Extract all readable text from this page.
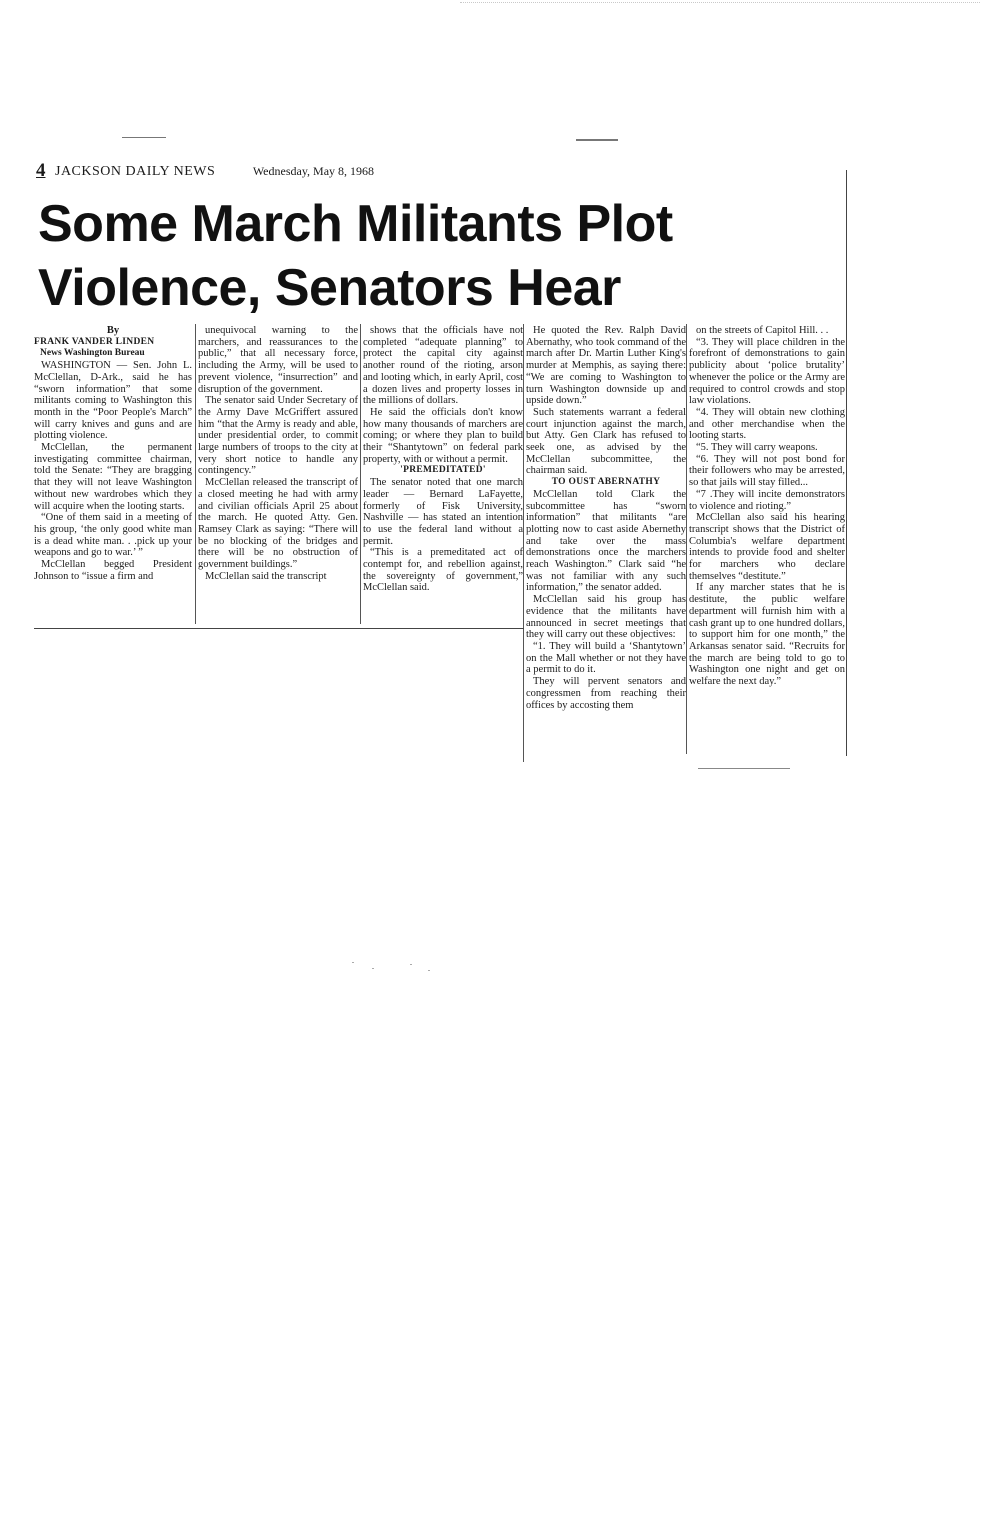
4 JACKSON DAILY NEWS	Wednesday, May 8, 1968
Some March Militants Plot
Violence, Senators Hear

By

FRANK VANDER LINDEN

News Washington Bureau

WASHINGTON — Sen. John L. McClellan, D-Ark., said he has “sworn information” that some militants coming to Washington this month in the “Poor People's March” will carry knives and guns and are plotting violence.

McClellan, the permanent investigating committee chairman, told the Senate: “They are bragging that they will not leave Washington without new wardrobes which they will acquire when the looting starts.

“One of them said in a meeting of his group, ‘the only good white man is a dead white man. . .pick up your weapons and go to war.’ ”

McClellan begged President Johnson to “issue a firm and

unequivocal warning to the marchers, and reassurances to the public,” that all necessary force, including the Army, will be used to prevent violence, “insurrection” and disruption of the government.

The senator said Under Secretary of the Army Dave McGriffert assured him “that the Army is ready and able, under presidential order, to commit large numbers of troops to the city at very short notice to handle any contingency.”

McClellan released the transcript of a closed meeting he had with army and civilian officials April 25 about the march. He quoted Atty. Gen. Ramsey Clark as saying: “There will be no blocking of the bridges and there will be no obstruction of government buildings.”

McClellan said the transcript

shows that the officials have not completed “adequate planning” to protect the capital city against another round of the rioting, arson and looting which, in early April, cost a dozen lives and property losses in the millions of dollars.

He said the officials don't know how many thousands of marchers are coming; or where they plan to build their “Shantytown” on federal park property, with or without a permit.

'PREMEDITATED'

The senator noted that one march leader — Bernard LaFayette, formerly of Fisk University, Nashville — has stated an intention to use the federal land without a permit.

“This is a premeditated act of contempt for, and rebellion against, the sovereignty of government,” McClellan said.

He quoted the Rev. Ralph David Abernathy, who took command of the march after Dr. Martin Luther King's murder at Memphis, as saying there: “We are coming to Washington to turn Washington downside up and upside down.”

Such statements warrant a federal court injunction against the march, but Atty. Gen Clark has refused to seek one, as advised by the McClellan subcommittee, the chairman said.

TO OUST ABERNATHY

McClellan told Clark the subcommittee has “sworn information” that militants “are plotting now to cast aside Abernethy and take over the mass demonstrations once the marchers reach Washington.” Clark said “he was not familiar with any such information,” the senator added.

McClellan said his group has evidence that the militants have announced in secret meetings that they will carry out these objectives:

“1. They will build a ‘Shantytown’ on the Mall whether or not they have a permit to do it.

They will pervent senators and congressmen from reaching their offices by accosting them

on the streets of Capitol Hill. . .

“3. They will place children in the forefront of demonstrations to gain publicity about ‘police brutality’ whenever the police or the Army are required to control crowds and stop law violations.

“4. They will obtain new clothing and other merchandise when the looting starts.

“5. They will carry weapons.

“6. They will not post bond for their followers who may be arrested, so that jails will stay filled...

“7 .They will incite demonstrators to violence and rioting.”

McClellan also said his hearing transcript shows that the District of Columbia's welfare department intends to provide food and shelter for marchers who declare themselves “destitute.”

If any marcher states that he is destitute, the public welfare department will furnish him with a cash grant up to one hundred dollars, to support him for one month,” the Arkansas senator said. “Recruits for the march are being told to go to Washington one night and get on welfare the next day.”
